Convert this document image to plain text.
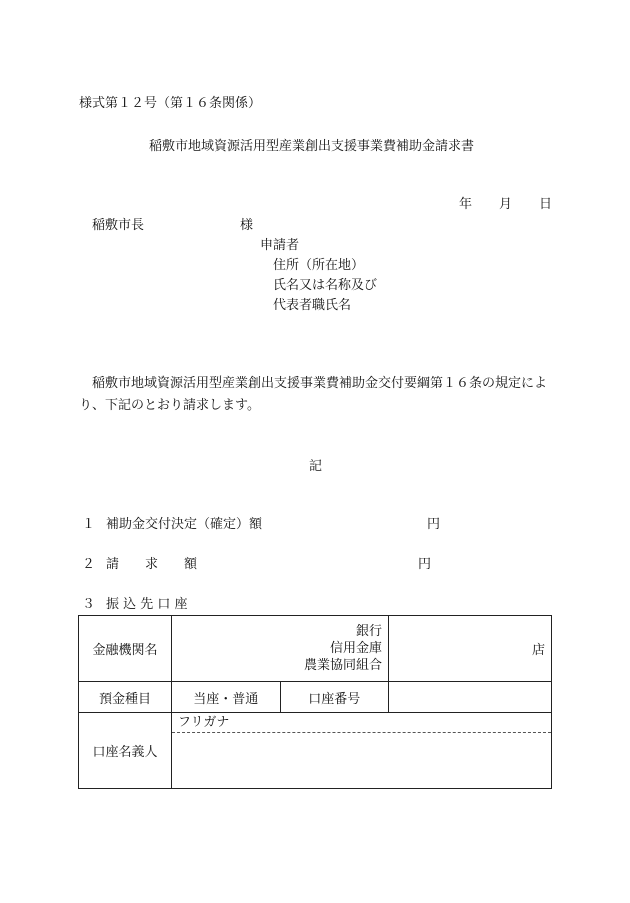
様式第１２号（第１６条関係）
稲敷市地域資源活用型産業創出支援事業費補助金請求書
年 月 日
稲敷市長	様
申請者
住所（所在地）
氏名又は名称及び
代表者職氏名
稲敷市地域資源活用型産業創出支援事業費補助金交付要綱第１６条の規定により、下記のとおり請求します。
記
１ 補助金交付決定（確定）額	円
２ 請　　求　　額	円
３ 振 込 先 口 座
金融機関名	銀行
信用金庫
農業協同組合		店
預金種目	当座・普通	口座番号	
口座名義人	フリガナ		
